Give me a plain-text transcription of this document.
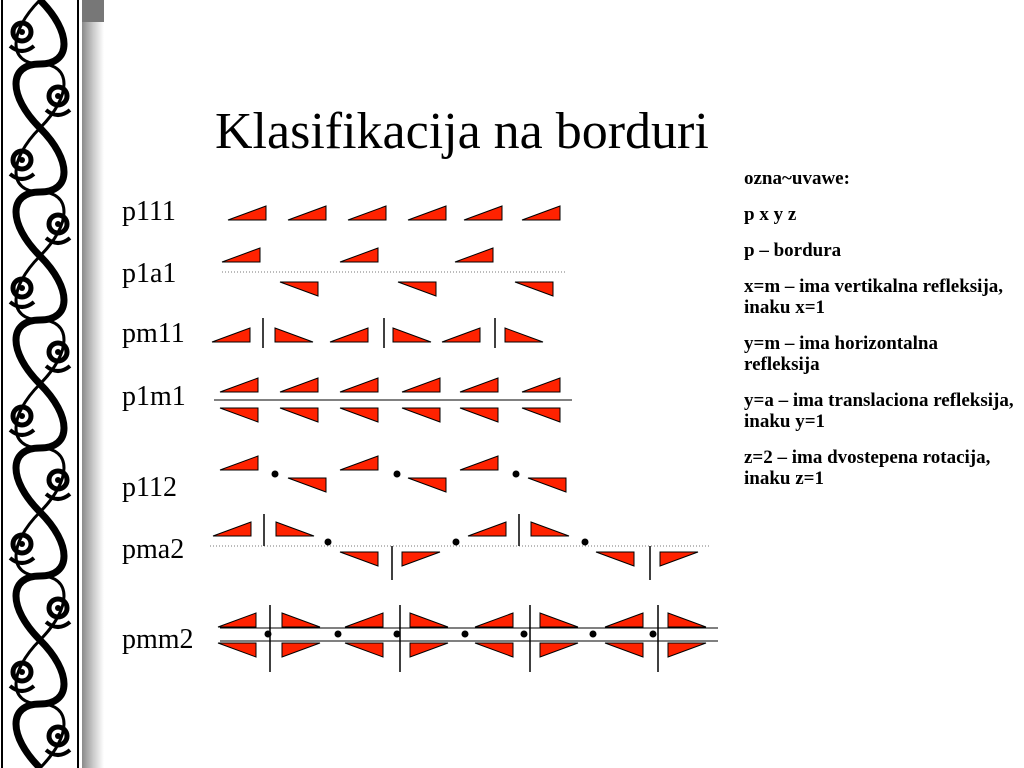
Klasifikacija na borduri
p111
p1a1
pm11
p1m1
p112
pma2
pmm2

ozna~uvawe:

p x y z

p – bordura

x=m – ima vertikalna refleksija, inaku x=1

y=m – ima horizontalna refleksija

y=a – ima translaciona refleksija, inaku y=1

z=2 – ima dvostepena rotacija, inaku z=1
